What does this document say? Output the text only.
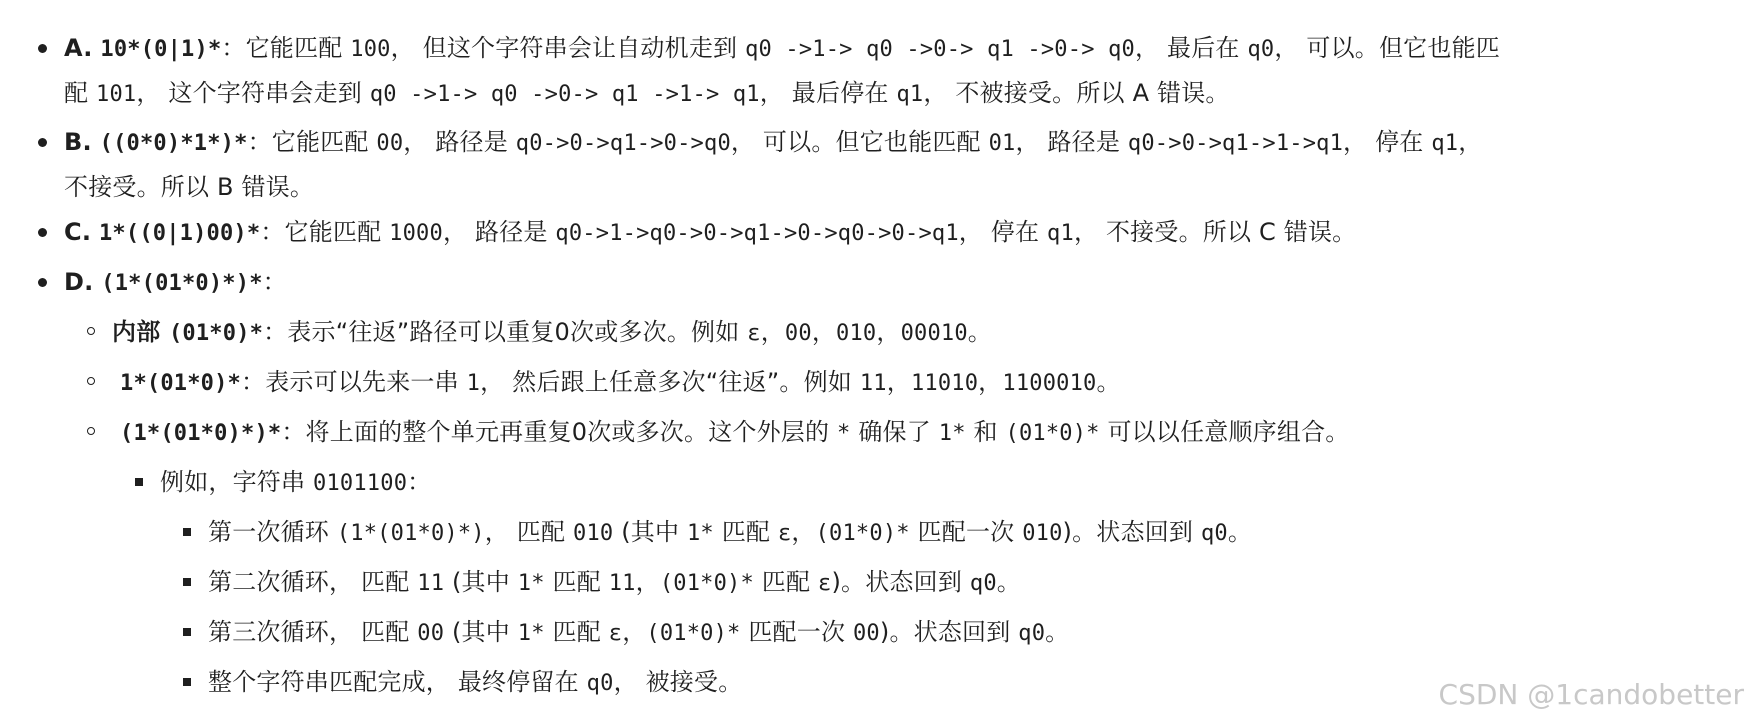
A. 10*(0|1)*：它能匹配 100， 但这个字符串会让自动机走到 q0 ->1-> q0 ->0-> q1 ->0-> q0， 最后在 q0， 可以。但它也能匹
配 101， 这个字符串会走到 q0 ->1-> q0 ->0-> q1 ->1-> q1， 最后停在 q1， 不被接受。所以 A 错误。
B. ((0*0)*1*)*：它能匹配 00， 路径是 q0->0->q1->0->q0， 可以。但它也能匹配 01， 路径是 q0->0->q1->1->q1， 停在 q1，
不接受。所以 B 错误。
C. 1*((0|1)00)*：它能匹配 1000， 路径是 q0->1->q0->0->q1->0->q0->0->q1， 停在 q1， 不接受。所以 C 错误。
D. (1*(01*0)*)*：
内部 (01*0)*：表示“往返”路径可以重复0次或多次。例如 ε，00，010，00010。
1*(01*0)*：表示可以先来一串 1， 然后跟上任意多次“往返”。例如 11，11010，1100010。
(1*(01*0)*)*：将上面的整个单元再重复0次或多次。这个外层的 * 确保了 1* 和 (01*0)* 可以以任意顺序组合。
例如，字符串 0101100：
第一次循环 (1*(01*0)*)， 匹配 010 (其中 1* 匹配 ε，(01*0)* 匹配一次 010)。状态回到 q0。
第二次循环， 匹配 11 (其中 1* 匹配 11，(01*0)* 匹配 ε)。状态回到 q0。
第三次循环， 匹配 00 (其中 1* 匹配 ε，(01*0)* 匹配一次 00)。状态回到 q0。
整个字符串匹配完成， 最终停留在 q0， 被接受。	CSDN @1candobetter
